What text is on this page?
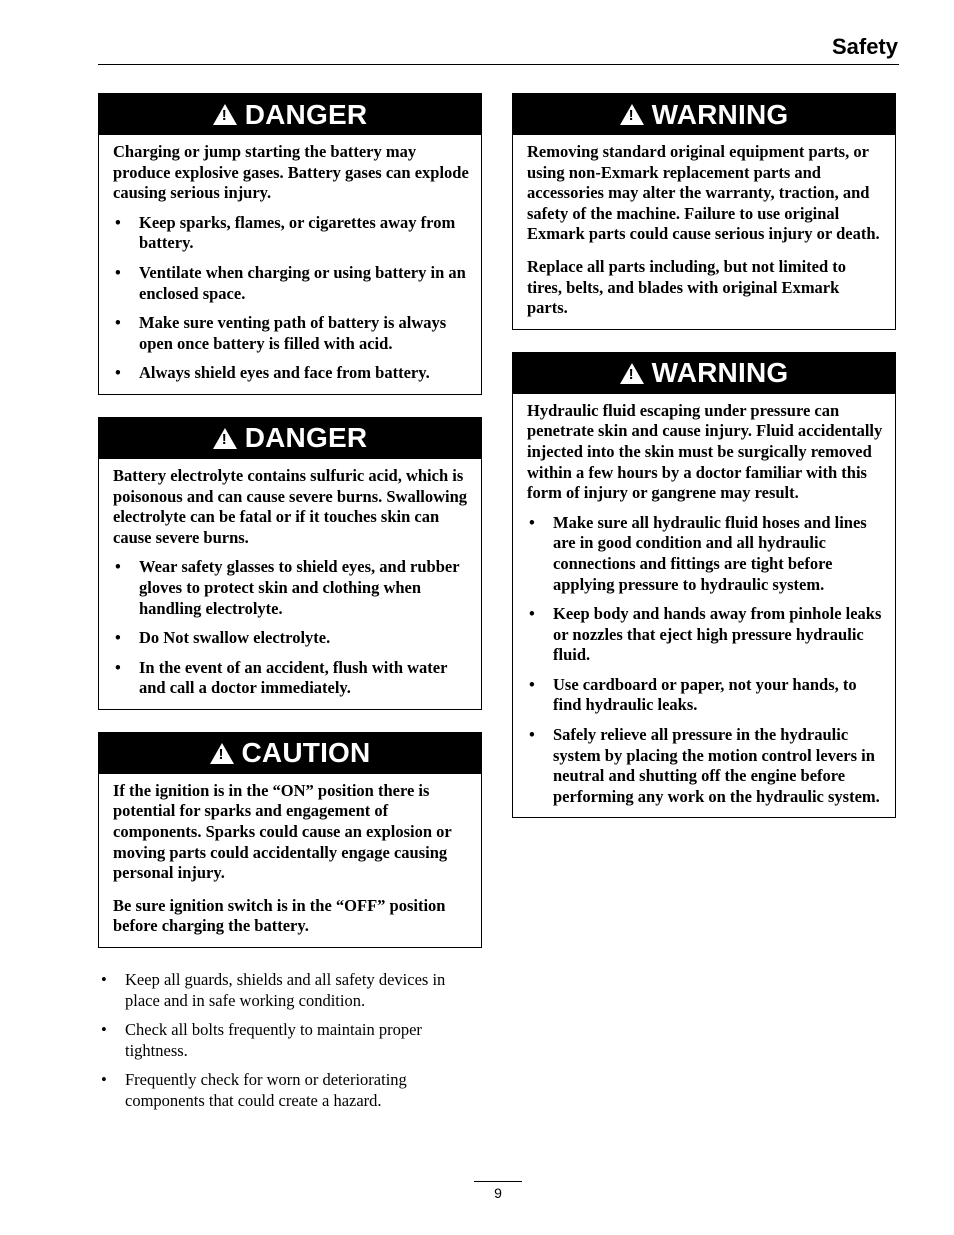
Safety
!
DANGER

Charging or jump starting the battery may produce explosive gases. Battery gases can explode causing serious injury.

• Keep sparks, flames, or cigarettes away from battery.
• Ventilate when charging or using battery in an enclosed space.
• Make sure venting path of battery is always open once battery is filled with acid.
• Always shield eyes and face from battery.
!
DANGER

Battery electrolyte contains sulfuric acid, which is poisonous and can cause severe burns. Swallowing electrolyte can be fatal or if it touches skin can cause severe burns.

• Wear safety glasses to shield eyes, and rubber gloves to protect skin and clothing when handling electrolyte.
• Do Not swallow electrolyte.
• In the event of an accident, flush with water and call a doctor immediately.
!
CAUTION

If the ignition is in the “ON” position there is potential for sparks and engagement of components. Sparks could cause an explosion or moving parts could accidentally engage causing personal injury.

Be sure ignition switch is in the “OFF” position before charging the battery.

• Keep all guards, shields and all safety devices in place and in safe working condition.
• Check all bolts frequently to maintain proper tightness.
• Frequently check for worn or deteriorating components that could create a hazard.
!
WARNING

Removing standard original equipment parts, or using non-Exmark replacement parts and accessories may alter the warranty, traction, and safety of the machine. Failure to use original Exmark parts could cause serious injury or death.

Replace all parts including, but not limited to tires, belts, and blades with original Exmark parts.

!
WARNING

Hydraulic fluid escaping under pressure can penetrate skin and cause injury. Fluid accidentally injected into the skin must be surgically removed within a few hours by a doctor familiar with this form of injury or gangrene may result.

• Make sure all hydraulic fluid hoses and lines are in good condition and all hydraulic connections and fittings are tight before applying pressure to hydraulic system.
• Keep body and hands away from pinhole leaks or nozzles that eject high pressure hydraulic fluid.
• Use cardboard or paper, not your hands, to find hydraulic leaks.
• Safely relieve all pressure in the hydraulic system by placing the motion control levers in neutral and shutting off the engine before performing any work on the hydraulic system.
9
